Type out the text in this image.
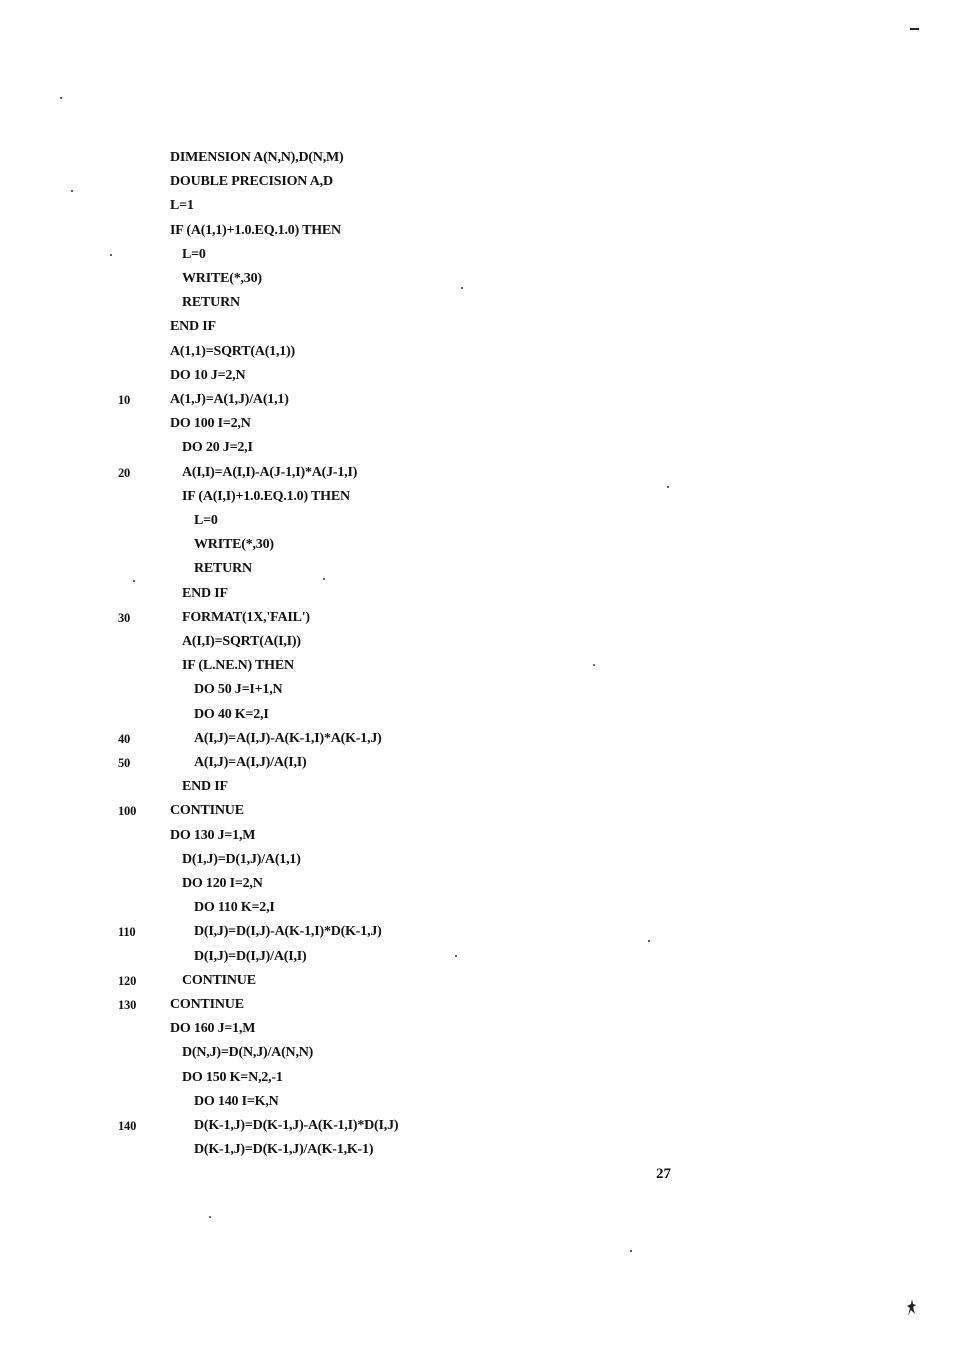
DIMENSION A(N,N),D(N,M)
DOUBLE PRECISION A,D
L=1
IF (A(1,1)+1.0.EQ.1.0) THEN
L=0
WRITE(*,30)
RETURN
END IF
A(1,1)=SQRT(A(1,1))
DO 10 J=2,N
10	A(1,J)=A(1,J)/A(1,1)
DO 100 I=2,N
DO 20 J=2,I
20	A(I,I)=A(I,I)-A(J-1,I)*A(J-1,I)
IF (A(I,I)+1.0.EQ.1.0) THEN
L=0
WRITE(*,30)
RETURN
END IF
30	FORMAT(1X,'FAIL')
A(I,I)=SQRT(A(I,I))
IF (L.NE.N) THEN
DO 50 J=I+1,N
DO 40 K=2,I
40	A(I,J)=A(I,J)-A(K-1,I)*A(K-1,J)
50	A(I,J)=A(I,J)/A(I,I)
END IF
100	CONTINUE
DO 130 J=1,M
D(1,J)=D(1,J)/A(1,1)
DO 120 I=2,N
DO 110 K=2,I
110	D(I,J)=D(I,J)-A(K-1,I)*D(K-1,J)
D(I,J)=D(I,J)/A(I,I)
120	CONTINUE
130	CONTINUE
DO 160 J=1,M
D(N,J)=D(N,J)/A(N,N)
DO 150 K=N,2,-1
DO 140 I=K,N
140	D(K-1,J)=D(K-1,J)-A(K-1,I)*D(I,J)
D(K-1,J)=D(K-1,J)/A(K-1,K-1)
27
